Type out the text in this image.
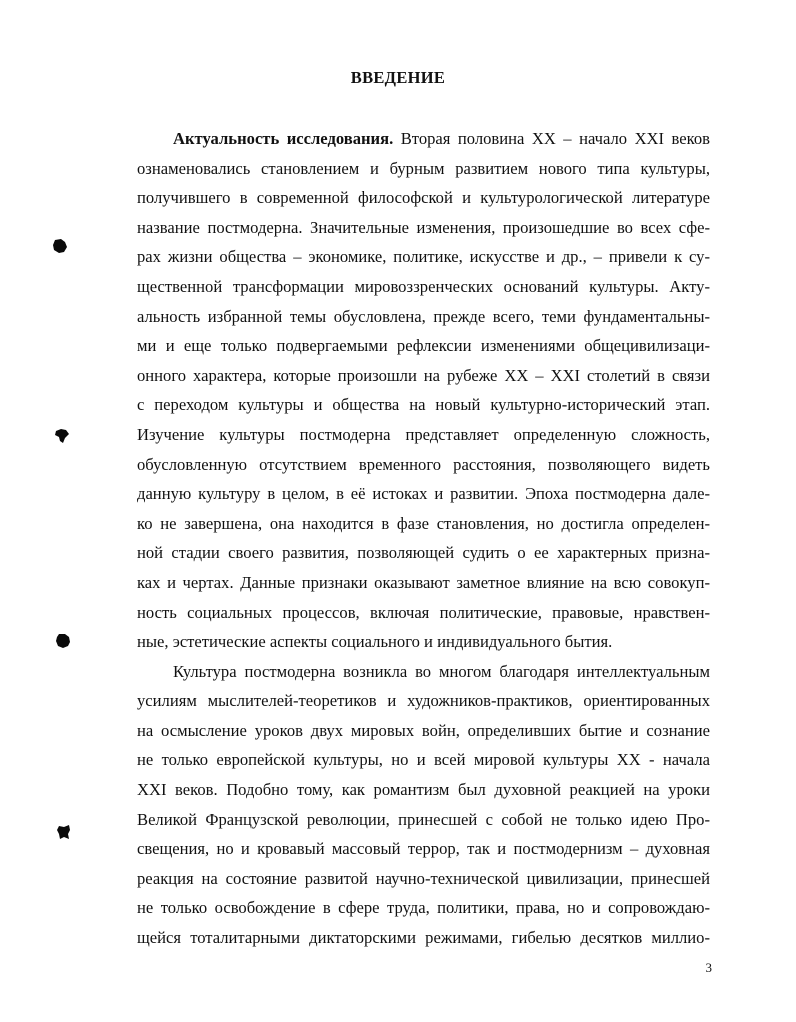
ВВЕДЕНИЕ
Актуальность исследования. Вторая половина XX – начало XXI веков
ознаменовались становлением и бурным развитием нового типа культуры,
получившего в современной философской и культурологической литературе
название постмодерна. Значительные изменения, произошедшие во всех сфе-
рах жизни общества – экономике, политике, искусстве и др., – привели к су-
щественной трансформации мировоззренческих оснований культуры. Акту-
альность избранной темы обусловлена, прежде всего, теми фундаментальны-
ми и еще только подвергаемыми рефлексии изменениями общецивилизаци-
онного характера, которые произошли на рубеже XX – XXI столетий в связи
с переходом культуры и общества на новый культурно-исторический этап.
Изучение культуры постмодерна представляет определенную сложность,
обусловленную отсутствием временного расстояния, позволяющего видеть
данную культуру в целом, в её истоках и развитии. Эпоха постмодерна дале-
ко не завершена, она находится в фазе становления, но достигла определен-
ной стадии своего развития, позволяющей судить о ее характерных призна-
ках и чертах. Данные признаки оказывают заметное влияние на всю совокуп-
ность социальных процессов, включая политические, правовые, нравствен-
ные, эстетические аспекты социального и индивидуального бытия.
Культура постмодерна возникла во многом благодаря интеллектуальным
усилиям мыслителей-теоретиков и художников-практиков, ориентированных
на осмысление уроков двух мировых войн, определивших бытие и сознание
не только европейской культуры, но и всей мировой культуры XX - начала
XXI веков. Подобно тому, как романтизм был духовной реакцией на уроки
Великой Французской революции, принесшей с собой не только идею Про-
свещения, но и кровавый массовый террор, так и постмодернизм – духовная
реакция на состояние развитой научно-технической цивилизации, принесшей
не только освобождение в сфере труда, политики, права, но и сопровождаю-
щейся тоталитарными диктаторскими режимами, гибелью десятков миллио-
3
